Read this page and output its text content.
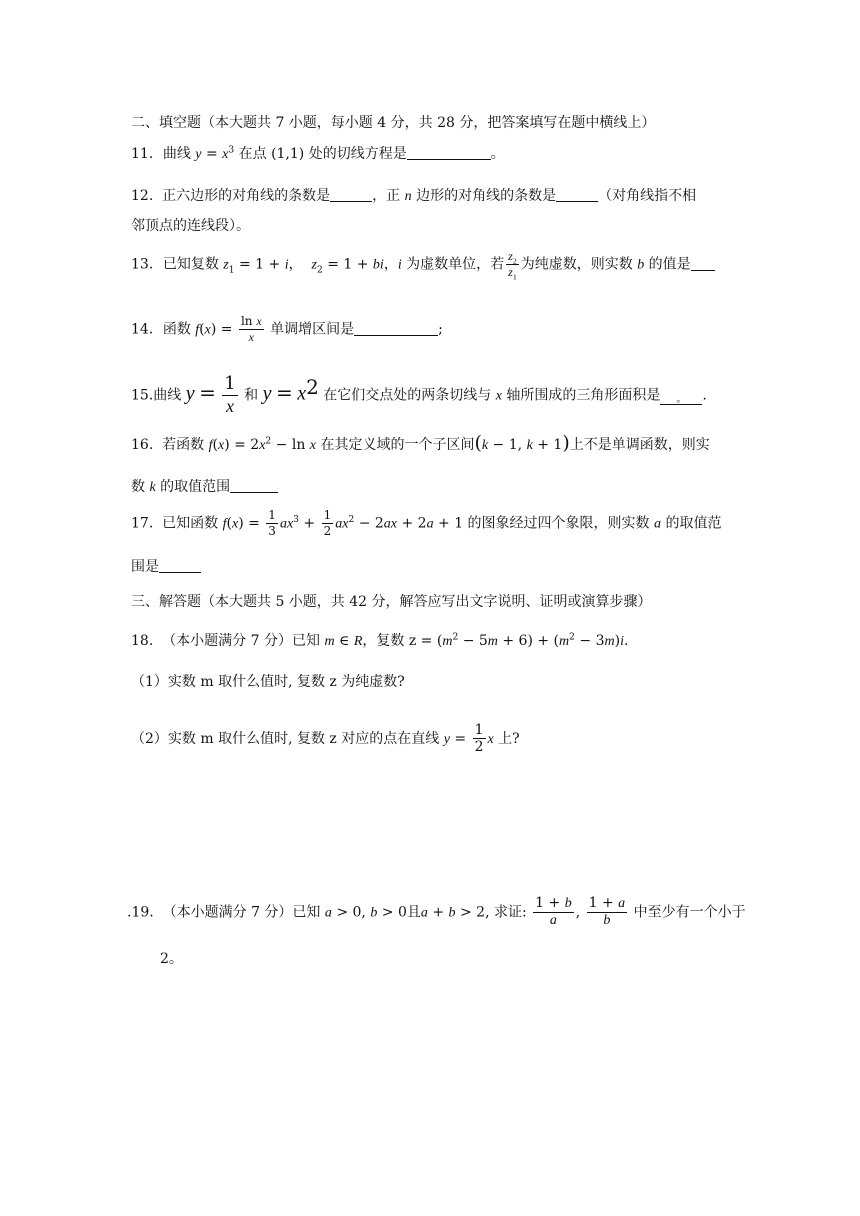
二、填空题（本大题共 7 小题，每小题 4 分，共 28 分，把答案填写在题中横线上）
11．曲线 $y = x^3$ 在点 (1,1) 处的切线方程是	。
12. 正六边形的对角线的条数是	，正 n 边形的对角线的条数是	（对角线指不相
邻顶点的连线段）。
13．已知复数 $z_1 = 1 + i$， $z_2 = 1$ + bi，i 为虚数单位，若 $\frac{z_2}{z_1}$ 为纯虚数，则实数 b 的值是
14．函数 $f(x) = \frac{\text{ln x}}{x}$ 单调增区间是	;
15.曲线 $y = \frac{1}{x}$ 和 $y = x^2$ 在它们交点处的两条切线与 x 轴所围成的三角形面积是 。 .
16. 若函数 $f(x) = 2x^2 - \ln x$ 在其定义域的一个子区间(k − 1, k + 1)上不是单调函数，则实
数 k 的取值范围
17. 已知函数 $f(x) = \frac{1}{3} ax^3 + \frac{1}{2} ax^2 - 2ax + 2a + 1$ 的图象经过四个象限，则实数 a 的取值范
围是
三、解答题（本大题共 5 小题，共 42 分，解答应写出文字说明、证明或演算步骤）
18. （本小题满分 7 分）已知 m ∈ R，复数 $z = (m^2 - 5m + 6) + (m^2 - 3m)i$.
（1）实数 m 取什么值时, 复数 z 为纯虚数?
（2）实数 m 取什么值时, 复数 z 对应的点在直线 $y = \frac{1}{2}$ x 上?
.19. （本小题满分 7 分）已知 a > 0, b > 0且a + b > 2, 求证: $\frac{1 + b}{a}$ , $\frac{1 + a}{b}$ 中至少有一个小于
2。
